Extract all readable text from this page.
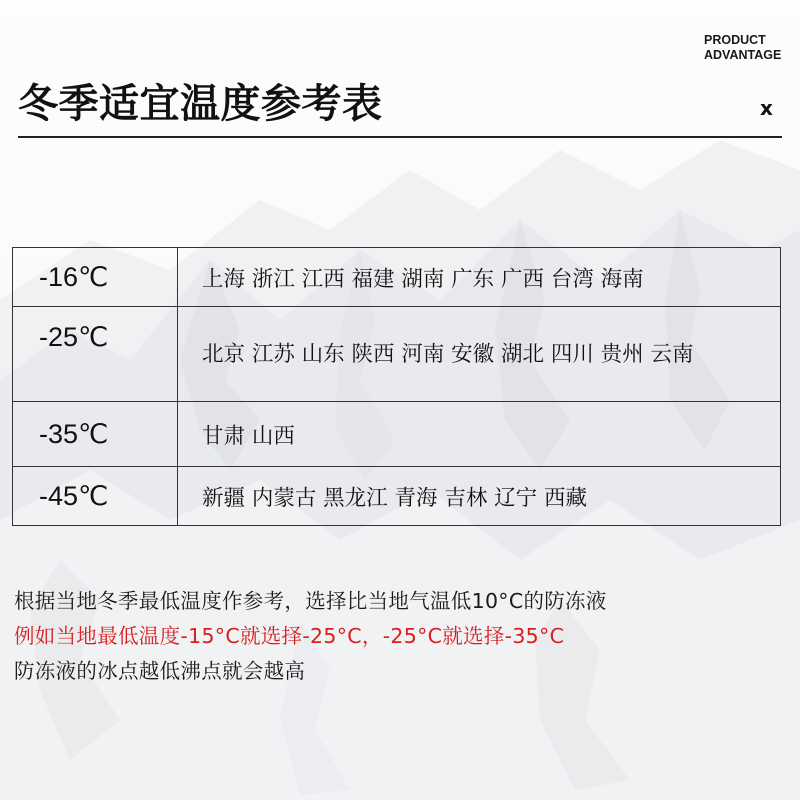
PRODUCT
ADVANTAGE
冬季适宜温度参考表	x
-16℃	上海 浙江 江西 福建 湖南 广东 广西 台湾 海南
-25℃	北京 江苏 山东 陕西 河南 安徽 湖北 四川 贵州 云南
-35℃	甘肃 山西
-45℃	新疆 内蒙古 黑龙江 青海 吉林 辽宁 西藏
根据当地冬季最低温度作参考，选择比当地气温低10°C的防冻液
例如当地最低温度-15°C就选择-25°C，-25°C就选择-35°C
防冻液的冰点越低沸点就会越高
